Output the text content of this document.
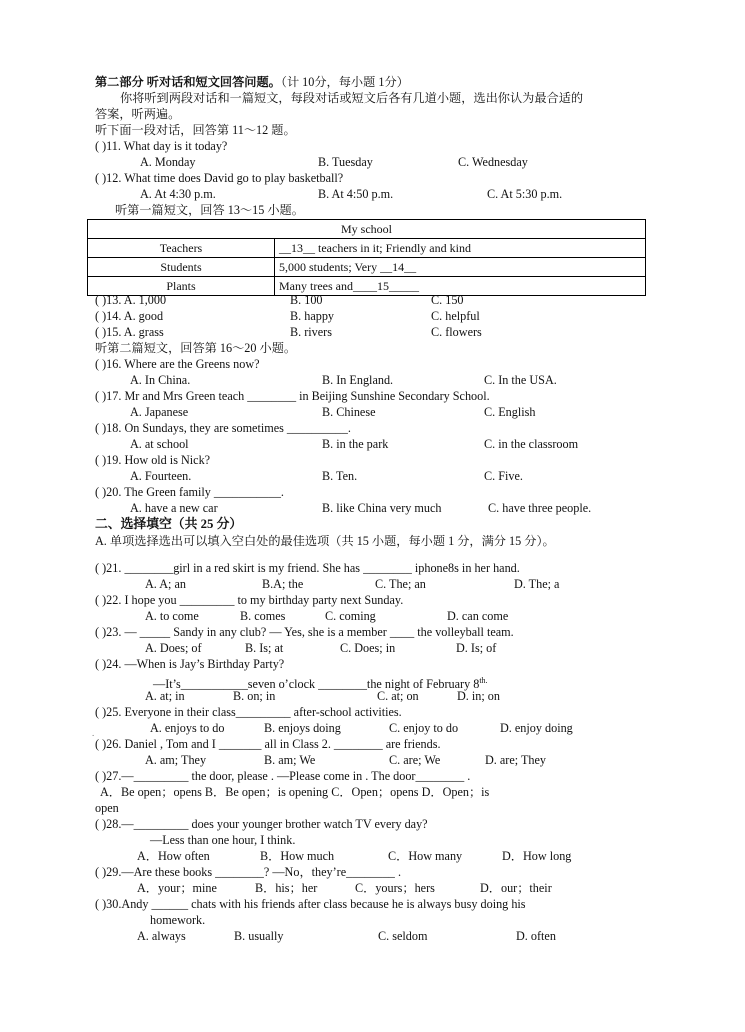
第二部分 听对话和短文回答问题。（计 10分，每小题 1分）
你将听到两段对话和一篇短文，每段对话或短文后各有几道小题，选出你认为最合适的
答案，听两遍。
听下面一段对话，回答第 11～12 题。
( )11. What day is it today?
A. Monday	B. Tuesday	C. Wednesday
( )12. What time does David go to play basketball?
A. At 4:30 p.m.	B. At 4:50 p.m.	C. At 5:30 p.m.
听第一篇短文，回答 13～15 小题。
My school	
Teachers	__13__ teachers in it; Friendly and kind
Students	5,000 students; Very __14__
Plants	Many trees and____15_____
( )13. A. 1,000	B. 100	C. 150
( )14. A. good	B. happy	C. helpful
( )15. A. grass	B. rivers	C. flowers
听第二篇短文，回答第 16～20 小题。
( )16. Where are the Greens now?
A. In China.	B. In England.	C. In the USA.
( )17. Mr and Mrs Green teach ________ in Beijing Sunshine Secondary School.
A. Japanese	B. Chinese	C. English
( )18. On Sundays, they are sometimes __________.
A. at school	B. in the park	C. in the classroom
( )19. How old is Nick?
A. Fourteen.	B. Ten.	C. Five.
( )20. The Green family ___________.
A. have a new car	B. like China very much	C. have three people.
二、选择填空（共 25 分）
A. 单项选择选出可以填入空白处的最佳选项（共 15 小题，每小题 1 分，满分 15 分）。
( )21. ________girl in a red skirt is my friend. She has ________ iphone8s in her hand.
A. A; an	B.A; the	C. The; an	D. The; a
( )22. I hope you _________ to my birthday party next Sunday.
A. to come	B. comes	C. coming	D. can come
( )23. — _____ Sandy in any club? — Yes, she is a member ____ the volleyball team.
A. Does; of	B. Is; at	C. Does; in	D. Is; of
( )24. —When is Jay’s Birthday Party?
—It’s___________seven o’clock ________the night of February $8^{th.}$
A. at; in	B. on; in	C. at; on	D. in; on
( )25. Everyone in their class_________ after-school activities.
A. enjoys to do	B. enjoys doing	C. enjoy to do	D. enjoy doing
.
( )26. Daniel , Tom and I _______ all in Class 2. ________ are friends.
A. am; They	B. am; We	C. are; We	D. are; They
( )27.—_________ the door, please . —Please come in . The door________ .
A．Be open；opens B．Be open；is opening C．Open；opens D．Open；is
open
( )28.—_________ does your younger brother watch TV every day?
—Less than one hour, I think.
A．How often	B．How much	C．How many	D．How long
( )29.—Are these books ________? —No，they’re________ .
A．your；mine	B．his；her	C．yours；hers	D．our；their
( )30.Andy ______ chats with his friends after class because he is always busy doing his
homework.
A. always	B. usually	C. seldom	D. often
